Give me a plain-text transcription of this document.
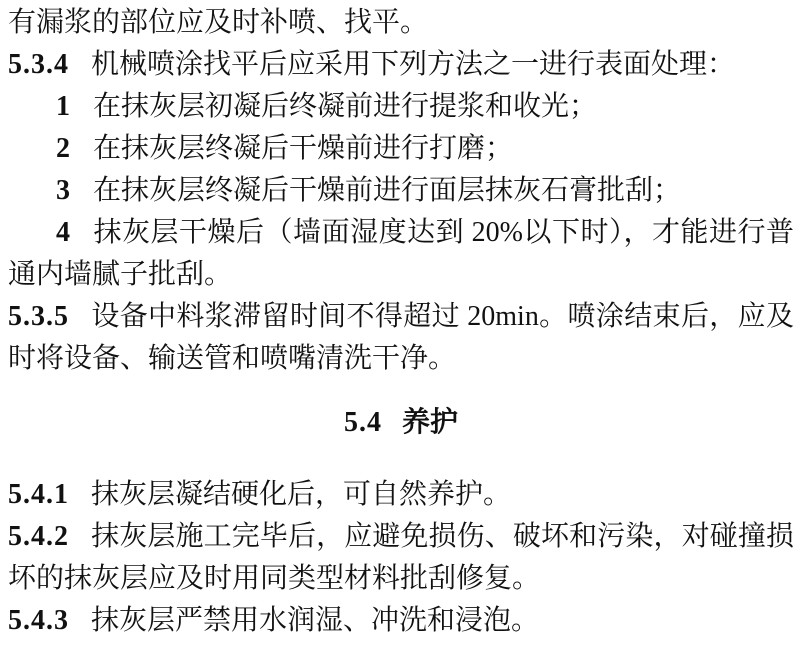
有漏浆的部位应及时补喷、找平。

5.3.4 机械喷涂找平后应采用下列方法之一进行表面处理：

1 在抹灰层初凝后终凝前进行提浆和收光；

2 在抹灰层终凝后干燥前进行打磨；

3 在抹灰层终凝后干燥前进行面层抹灰石膏批刮；

4 抹灰层干燥后（墙面湿度达到 20%以下时），才能进行普通内墙腻子批刮。

5.3.5 设备中料浆滞留时间不得超过 20min。喷涂结束后，应及时将设备、输送管和喷嘴清洗干净。

5.4 养护

5.4.1 抹灰层凝结硬化后，可自然养护。

5.4.2 抹灰层施工完毕后，应避免损伤、破坏和污染，对碰撞损坏的抹灰层应及时用同类型材料批刮修复。

5.4.3 抹灰层严禁用水润湿、冲洗和浸泡。
